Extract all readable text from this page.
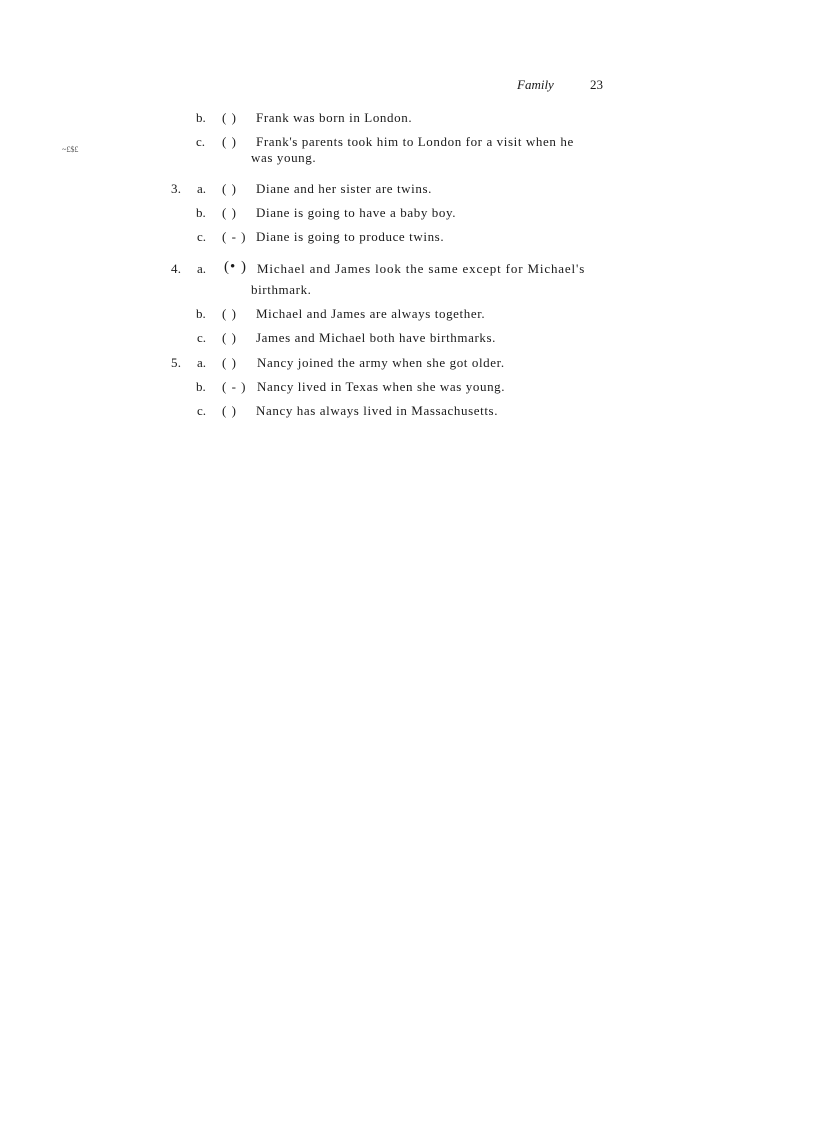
Family	23
~£$£
b. ( ) Frank was born in London.
c. ( ) Frank's parents took him to London for a visit when he
was young.
3. a. ( ) Diane and her sister are twins.
b. ( ) Diane is going to have a baby boy.
c. ( - ) Diane is going to produce twins.
4. a. (• ) Michael and James look the same except for Michael's
birthmark.
b. ( ) Michael and James are always together.
c. ( ) James and Michael both have birthmarks.
5. a. ( ) Nancy joined the army when she got older.
b. ( - ) Nancy lived in Texas when she was young.
c. ( ) Nancy has always lived in Massachusetts.
